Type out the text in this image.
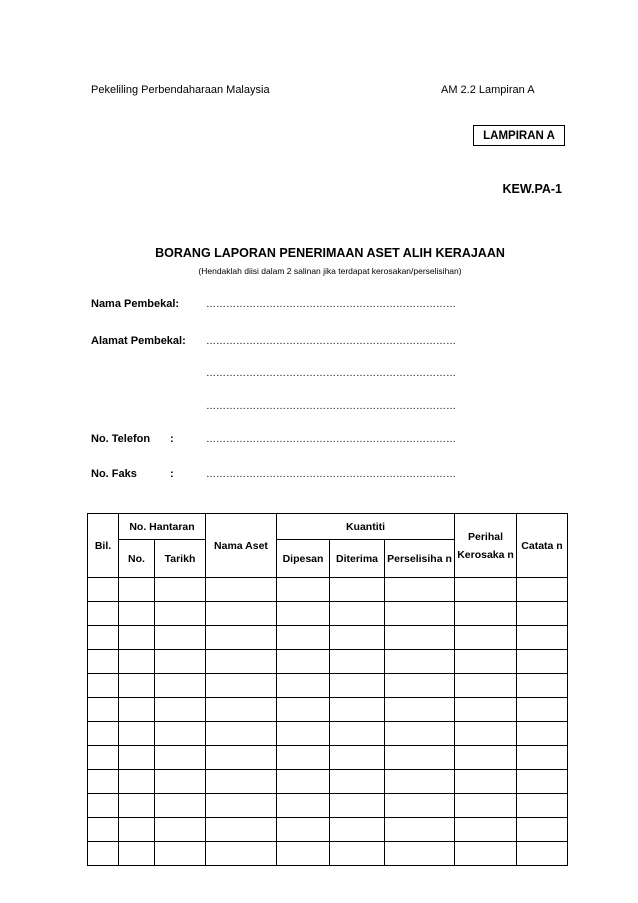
Pekeliling Perbendaharaan Malaysia	AM 2.2 Lampiran A
LAMPIRAN A
KEW.PA-1
BORANG LAPORAN PENERIMAAN ASET ALIH KERAJAAN
(Hendaklah diisi dalam 2 salinan jika terdapat kerosakan/perselisihan)
Nama Pembekal:	…………………………………………………………………
Alamat Pembekal: …………………………………………………………………
…………………………………………………………………
…………………………………………………………………
No. Telefon :	…………………………………………………………………
No. Faks	:	…………………………………………………………………
Bil.	No. Hantaran		Nama Aset	Kuantiti			Perihal Kerosaka n	Catata n
	No.	Tarikh		Dipesan	Diterima	Perselisiha n		
